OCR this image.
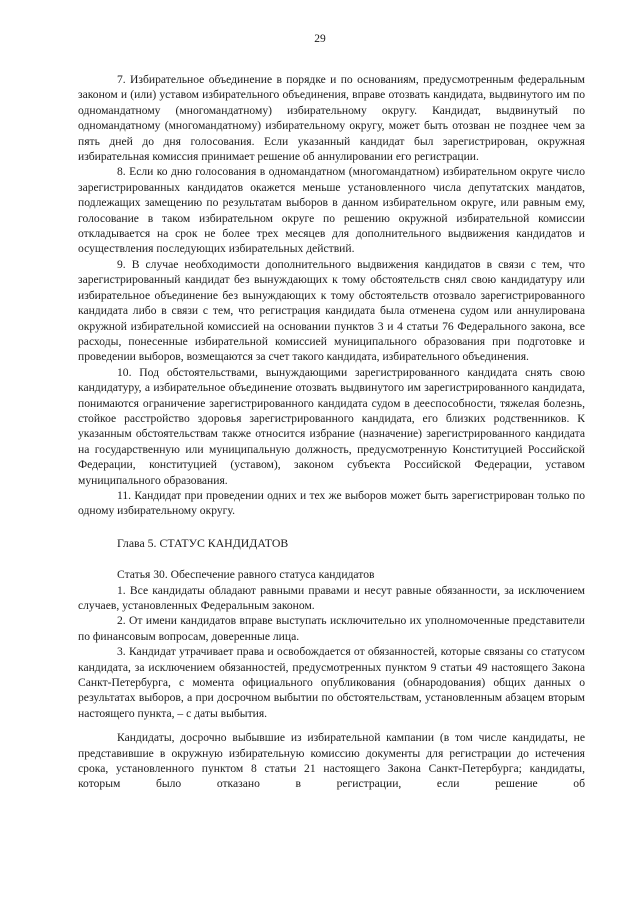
29

7. Избирательное объединение в порядке и по основаниям, предусмотренным федеральным законом и (или) уставом избирательного объединения, вправе отозвать кандидата, выдвинутого им по одномандатному (многомандатному) избирательному округу. Кандидат, выдвинутый по одномандатному (многомандатному) избирательному округу, может быть отозван не позднее чем за пять дней до дня голосования. Если указанный кандидат был зарегистрирован, окружная избирательная комиссия принимает решение об аннулировании его регистрации.

8. Если ко дню голосования в одномандатном (многомандатном) избирательном округе число зарегистрированных кандидатов окажется меньше установленного числа депутатских мандатов, подлежащих замещению по результатам выборов в данном избирательном округе, или равным ему, голосование в таком избирательном округе по решению окружной избирательной комиссии откладывается на срок не более трех месяцев для дополнительного выдвижения кандидатов и осуществления последующих избирательных действий.

9. В случае необходимости дополнительного выдвижения кандидатов в связи с тем, что зарегистрированный кандидат без вынуждающих к тому обстоятельств снял свою кандидатуру или избирательное объединение без вынуждающих к тому обстоятельств отозвало зарегистрированного кандидата либо в связи с тем, что регистрация кандидата была отменена судом или аннулирована окружной избирательной комиссией на основании пунктов 3 и 4 статьи 76 Федерального закона, все расходы, понесенные избирательной комиссией муниципального образования при подготовке и проведении выборов, возмещаются за счет такого кандидата, избирательного объединения.

10. Под обстоятельствами, вынуждающими зарегистрированного кандидата снять свою кандидатуру, а избирательное объединение отозвать выдвинутого им зарегистрированного кандидата, понимаются ограничение зарегистрированного кандидата судом в дееспособности, тяжелая болезнь, стойкое расстройство здоровья зарегистрированного кандидата, его близких родственников. К указанным обстоятельствам также относится избрание (назначение) зарегистрированного кандидата на государственную или муниципальную должность, предусмотренную Конституцией Российской Федерации, конституцией (уставом), законом субъекта Российской Федерации, уставом муниципального образования.

11. Кандидат при проведении одних и тех же выборов может быть зарегистрирован только по одному избирательному округу.

Глава 5. СТАТУС КАНДИДАТОВ

Статья 30. Обеспечение равного статуса кандидатов

1. Все кандидаты обладают равными правами и несут равные обязанности, за исключением случаев, установленных Федеральным законом.

2. От имени кандидатов вправе выступать исключительно их уполномоченные представители по финансовым вопросам, доверенные лица.

3. Кандидат утрачивает права и освобождается от обязанностей, которые связаны со статусом кандидата, за исключением обязанностей, предусмотренных пунктом 9 статьи 49 настоящего Закона Санкт-Петербурга, с момента официального опубликования (обнародования) общих данных о результатах выборов, а при досрочном выбытии по обстоятельствам, установленным абзацем вторым настоящего пункта, – с даты выбытия.

Кандидаты, досрочно выбывшие из избирательной кампании (в том числе кандидаты, не представившие в окружную избирательную комиссию документы для регистрации до истечения срока, установленного пунктом 8 статьи 21 настоящего Закона Санкт-Петербурга; кандидаты, которым было отказано в регистрации, если решение об
